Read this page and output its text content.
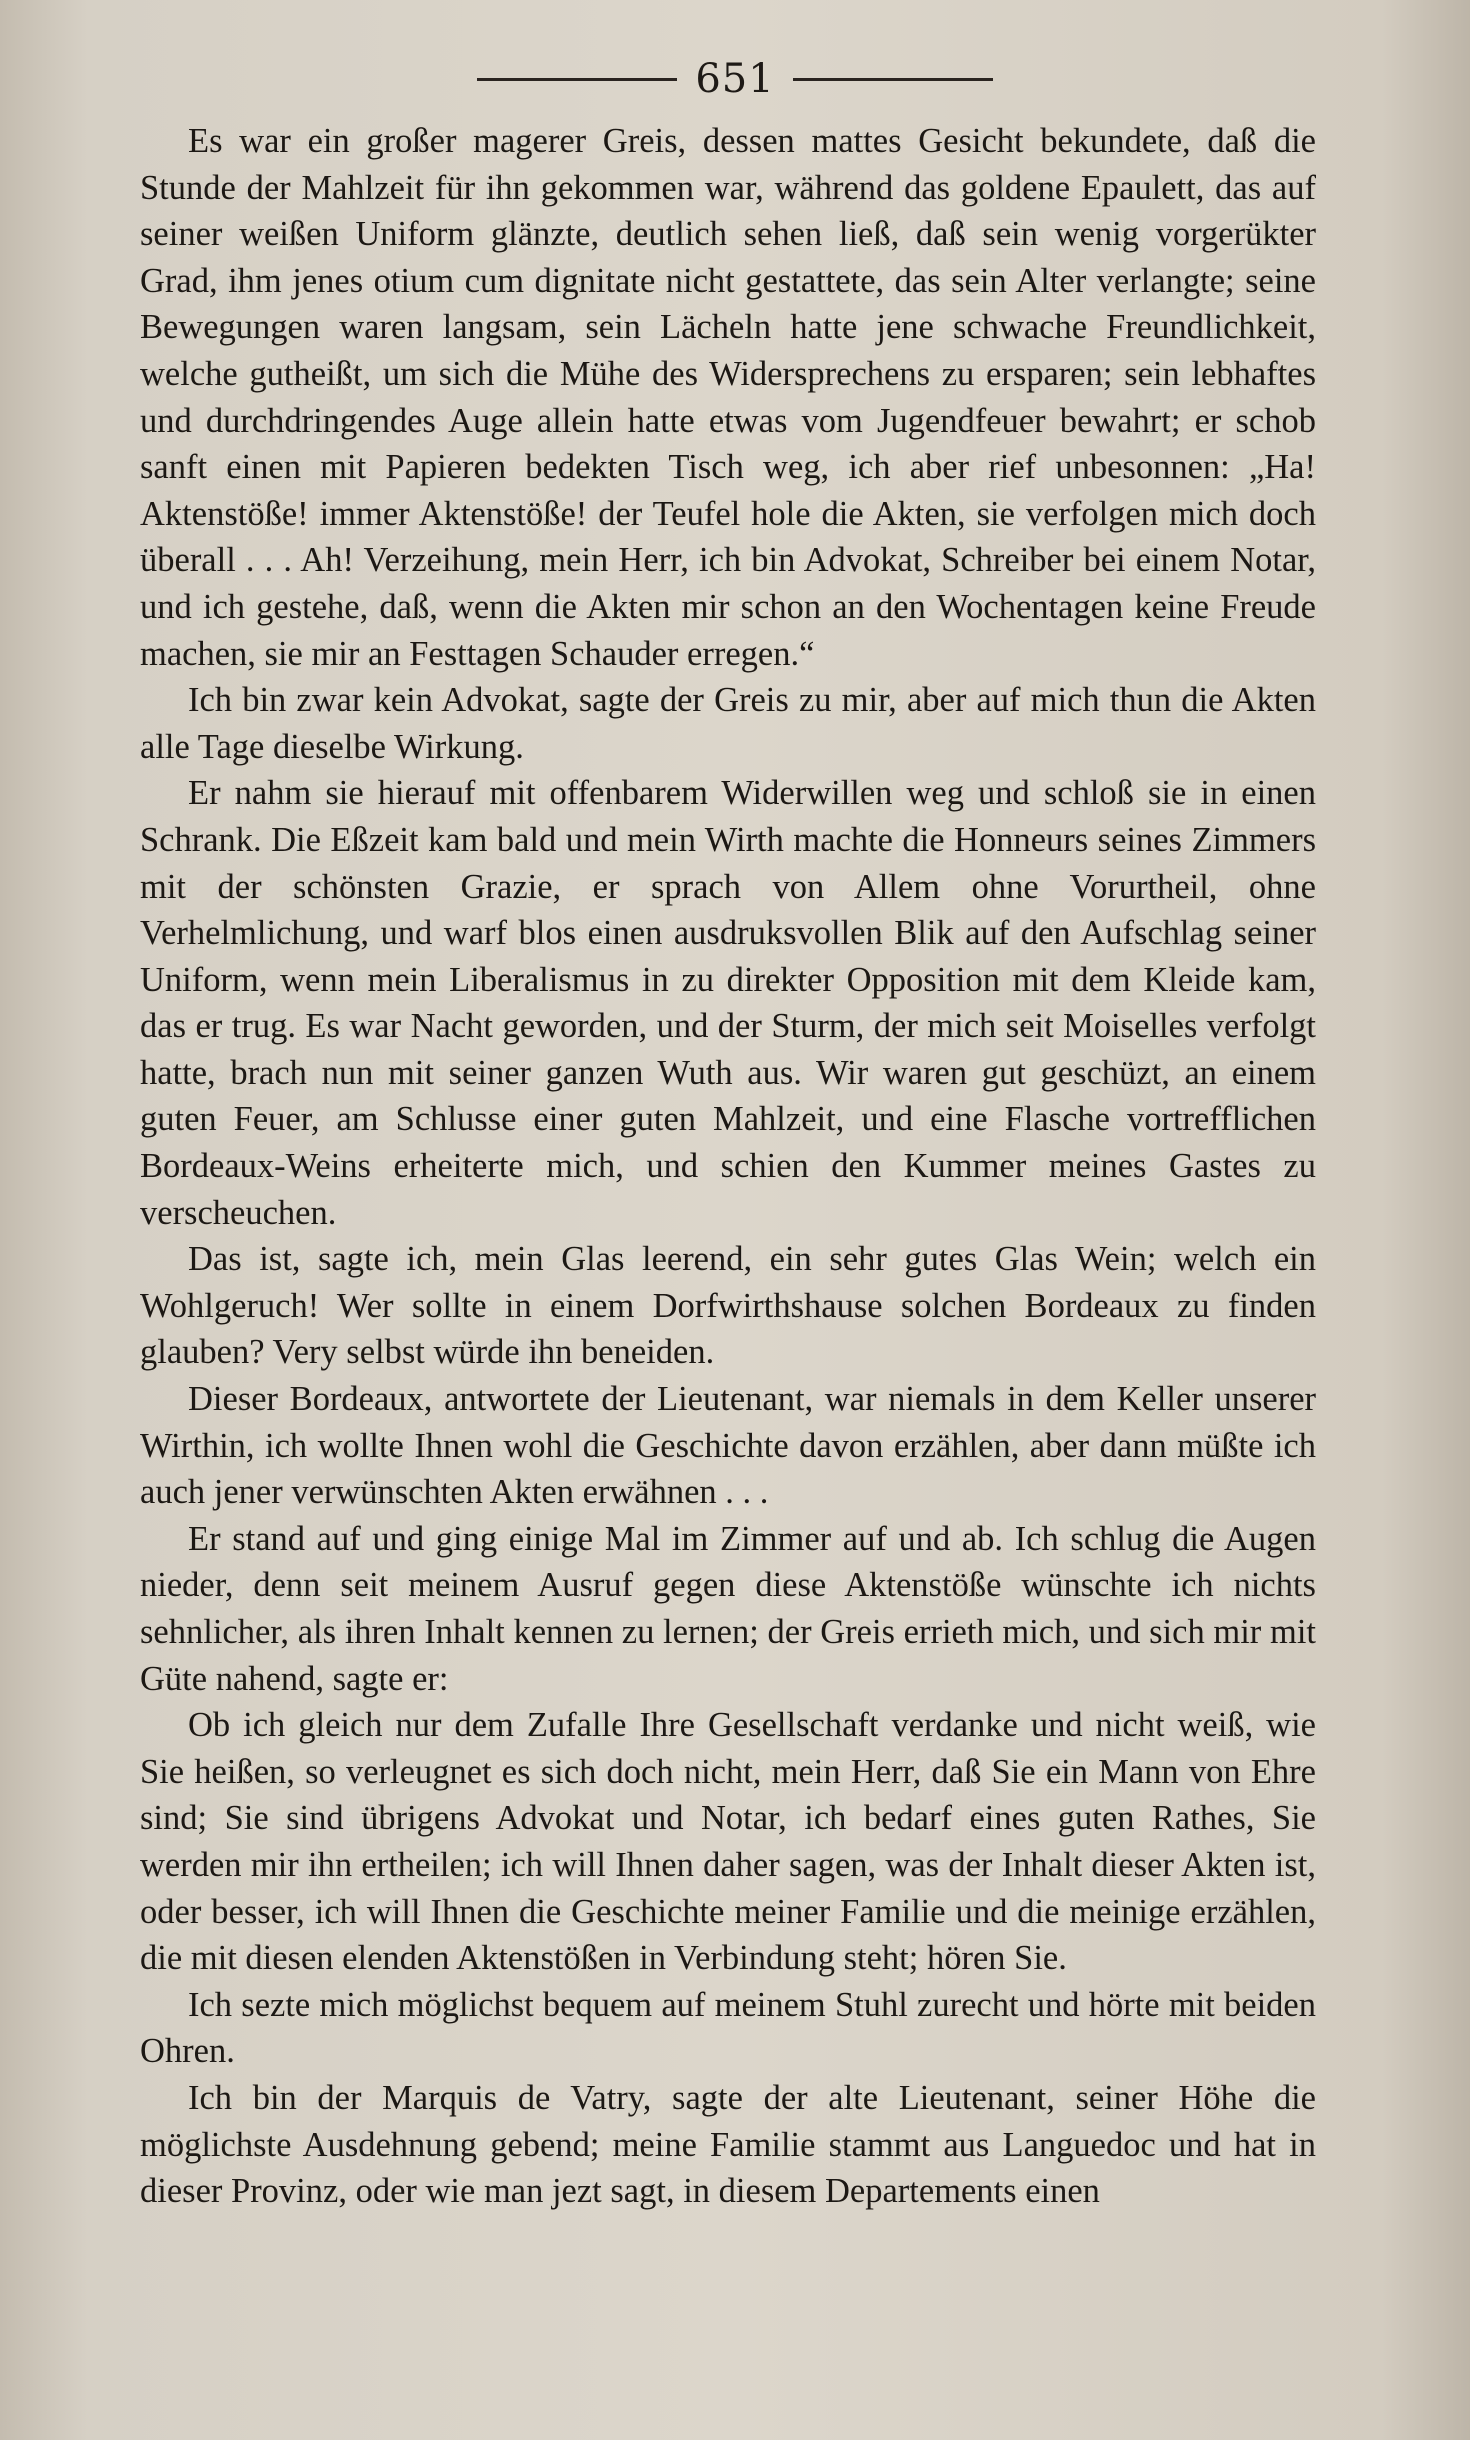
651

Es war ein großer magerer Greis, dessen mattes Gesicht bekundete, daß die Stunde der Mahlzeit für ihn gekommen war, während das goldene Epaulett, das auf seiner weißen Uniform glänzte, deutlich sehen ließ, daß sein wenig vorgerükter Grad, ihm jenes otium cum dignitate nicht gestattete, das sein Alter verlangte; seine Bewegungen waren langsam, sein Lächeln hatte jene schwache Freundlichkeit, welche gutheißt, um sich die Mühe des Widersprechens zu ersparen; sein lebhaftes und durchdringendes Auge allein hatte etwas vom Jugendfeuer bewahrt; er schob sanft einen mit Papieren bedekten Tisch weg, ich aber rief unbesonnen: „Ha! Aktenstöße! immer Aktenstöße! der Teufel hole die Akten, sie verfolgen mich doch überall . . . Ah! Verzeihung, mein Herr, ich bin Advokat, Schreiber bei einem Notar, und ich gestehe, daß, wenn die Akten mir schon an den Wochentagen keine Freude machen, sie mir an Festtagen Schauder erregen.“

Ich bin zwar kein Advokat, sagte der Greis zu mir, aber auf mich thun die Akten alle Tage dieselbe Wirkung.

Er nahm sie hierauf mit offenbarem Widerwillen weg und schloß sie in einen Schrank. Die Eßzeit kam bald und mein Wirth machte die Honneurs seines Zimmers mit der schönsten Grazie, er sprach von Allem ohne Vorurtheil, ohne Verhelmlichung, und warf blos einen ausdruksvollen Blik auf den Aufschlag seiner Uniform, wenn mein Liberalismus in zu direkter Opposition mit dem Kleide kam, das er trug. Es war Nacht geworden, und der Sturm, der mich seit Moiselles verfolgt hatte, brach nun mit seiner ganzen Wuth aus. Wir waren gut geschüzt, an einem guten Feuer, am Schlusse einer guten Mahlzeit, und eine Flasche vortrefflichen Bordeaux-Weins erheiterte mich, und schien den Kummer meines Gastes zu verscheuchen.

Das ist, sagte ich, mein Glas leerend, ein sehr gutes Glas Wein; welch ein Wohlgeruch! Wer sollte in einem Dorfwirthshause solchen Bordeaux zu finden glauben? Very selbst würde ihn beneiden.

Dieser Bordeaux, antwortete der Lieutenant, war niemals in dem Keller unserer Wirthin, ich wollte Ihnen wohl die Geschichte davon erzählen, aber dann müßte ich auch jener verwünschten Akten erwähnen . . .

Er stand auf und ging einige Mal im Zimmer auf und ab. Ich schlug die Augen nieder, denn seit meinem Ausruf gegen diese Aktenstöße wünschte ich nichts sehnlicher, als ihren Inhalt kennen zu lernen; der Greis errieth mich, und sich mir mit Güte nahend, sagte er:

Ob ich gleich nur dem Zufalle Ihre Gesellschaft verdanke und nicht weiß, wie Sie heißen, so verleugnet es sich doch nicht, mein Herr, daß Sie ein Mann von Ehre sind; Sie sind übrigens Advokat und Notar, ich bedarf eines guten Rathes, Sie werden mir ihn ertheilen; ich will Ihnen daher sagen, was der Inhalt dieser Akten ist, oder besser, ich will Ihnen die Geschichte meiner Familie und die meinige erzählen, die mit diesen elenden Aktenstößen in Verbindung steht; hören Sie.

Ich sezte mich möglichst bequem auf meinem Stuhl zurecht und hörte mit beiden Ohren.

Ich bin der Marquis de Vatry, sagte der alte Lieutenant, seiner Höhe die möglichste Ausdehnung gebend; meine Familie stammt aus Languedoc und hat in dieser Provinz, oder wie man jezt sagt, in diesem Departements einen
